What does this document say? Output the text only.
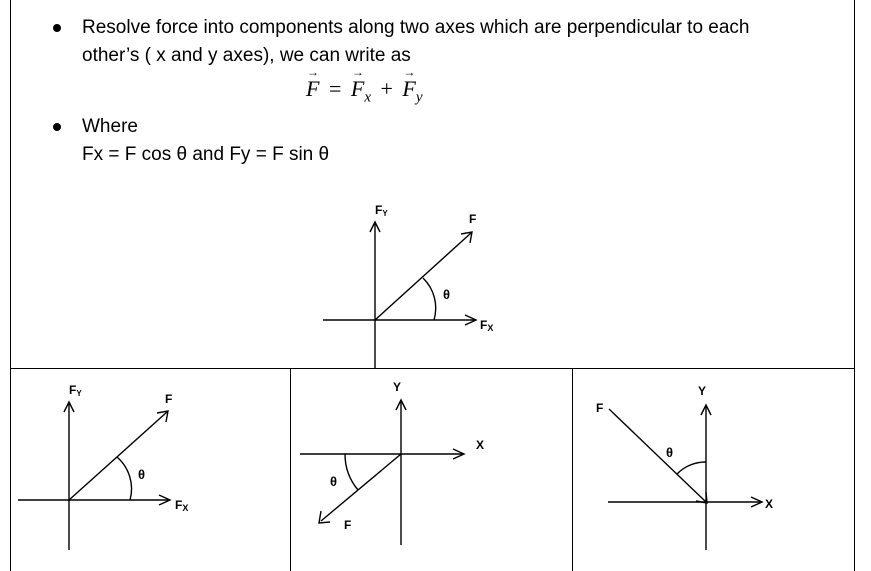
Resolve force into components along two axes which are perpendicular to each
other’s ( x and y axes), we can write as
→ F = → $F_x$ + → $F_y$
Where
Fx = F cos θ and Fy = F sin θ
FY	F
θ
FX
FY	F
θ
FX
Y
X
θ
F
F
Y
θ
X
